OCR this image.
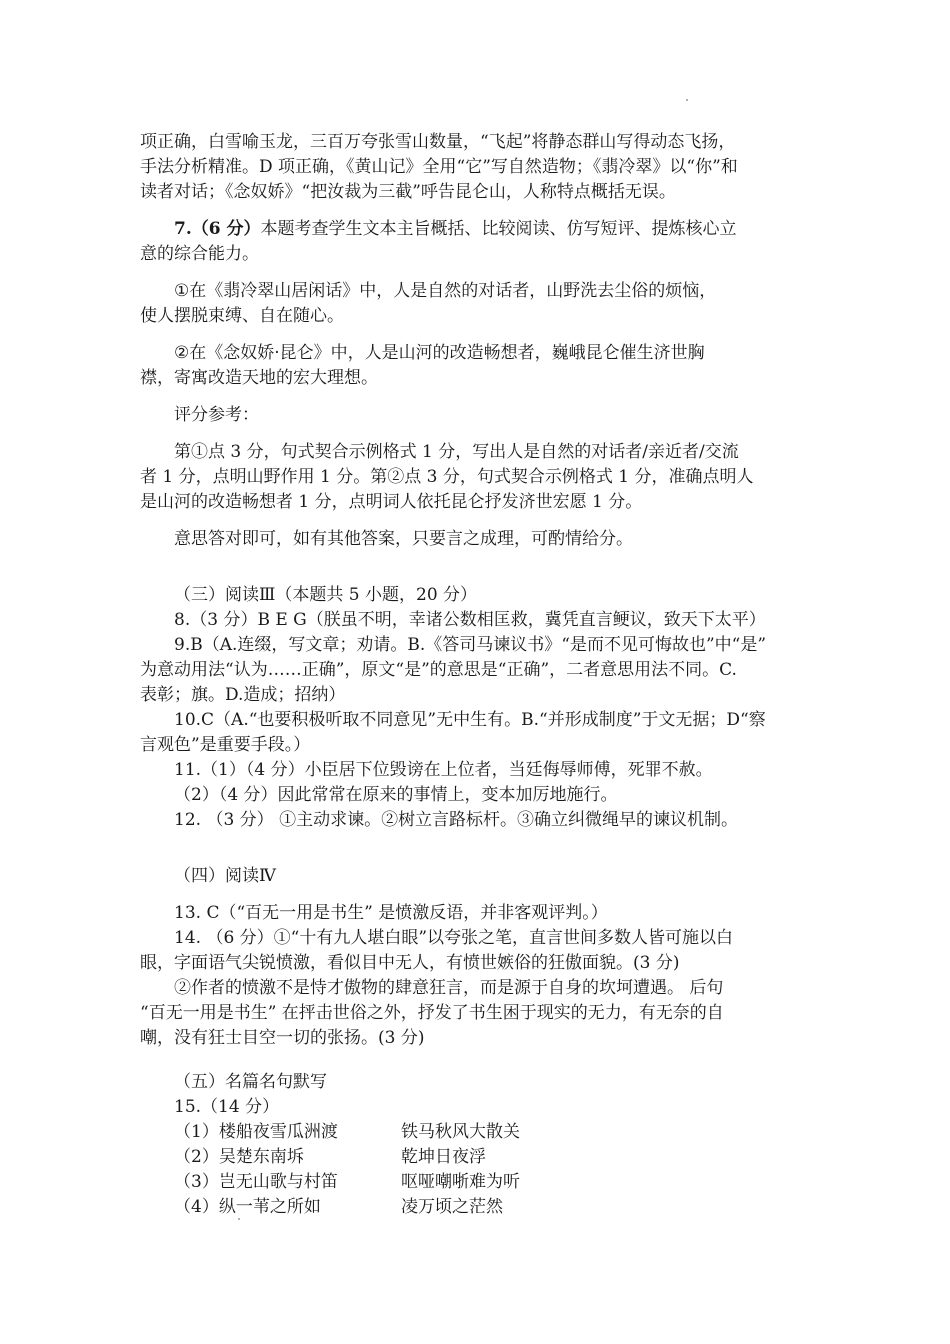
项正确，白雪喻玉龙，三百万夸张雪山数量，“飞起”将静态群山写得动态飞扬，
手法分析精准。D 项正确，《黄山记》全用“它”写自然造物；《翡冷翠》以“你”和
读者对话；《念奴娇》“把汝裁为三截”呼告昆仑山，人称特点概括无误。
7.（6 分）本题考查学生文本主旨概括、比较阅读、仿写短评、提炼核心立
意的综合能力。
①在《翡冷翠山居闲话》中，人是自然的对话者，山野洗去尘俗的烦恼，
使人摆脱束缚、自在随心。
②在《念奴娇·昆仑》中，人是山河的改造畅想者，巍峨昆仑催生济世胸
襟，寄寓改造天地的宏大理想。
评分参考：
第①点 3 分，句式契合示例格式 1 分，写出人是自然的对话者/亲近者/交流
者 1 分，点明山野作用 1 分。第②点 3 分，句式契合示例格式 1 分，准确点明人
是山河的改造畅想者 1 分，点明词人依托昆仑抒发济世宏愿 1 分。
意思答对即可，如有其他答案，只要言之成理，可酌情给分。
（三）阅读Ⅲ（本题共 5 小题，20 分）
8.（3 分）B E G（朕虽不明，幸诸公数相匡救，冀凭直言鲠议，致天下太平）
9.B（A.连缀，写文章；劝请。B.《答司马谏议书》“是而不见可悔故也”中“是”
为意动用法“认为……正确”，原文“是”的意思是“正确”，二者意思用法不同。C.
表彰；旗。D.造成；招纳）
10.C（A.“也要积极听取不同意见”无中生有。B.“并形成制度”于文无据；D“察
言观色”是重要手段。）
11.（1）（4 分）小臣居下位毁谤在上位者，当廷侮辱师傅，死罪不赦。
（2）（4 分）因此常常在原来的事情上，变本加厉地施行。
12. （3 分） ①主动求谏。②树立言路标杆。③确立纠微绳早的谏议机制。
（四）阅读Ⅳ
13. C（“百无一用是书生” 是愤激反语，并非客观评判。）
14. （6 分）①“十有九人堪白眼”以夸张之笔，直言世间多数人皆可施以白
眼，字面语气尖锐愤激，看似目中无人，有愤世嫉俗的狂傲面貌。(3 分)
②作者的愤激不是恃才傲物的肆意狂言，而是源于自身的坎坷遭遇。 后句
“百无一用是书生” 在抨击世俗之外，抒发了书生困于现实的无力，有无奈的自
嘲，没有狂士目空一切的张扬。(3 分)
（五）名篇名句默写
15.（14 分）
（1）楼船夜雪瓜洲渡	铁马秋风大散关
（2）吴楚东南坼	乾坤日夜浮
（3）岂无山歌与村笛	呕哑嘲哳难为听
（4）纵一苇之所如	凌万顷之茫然
